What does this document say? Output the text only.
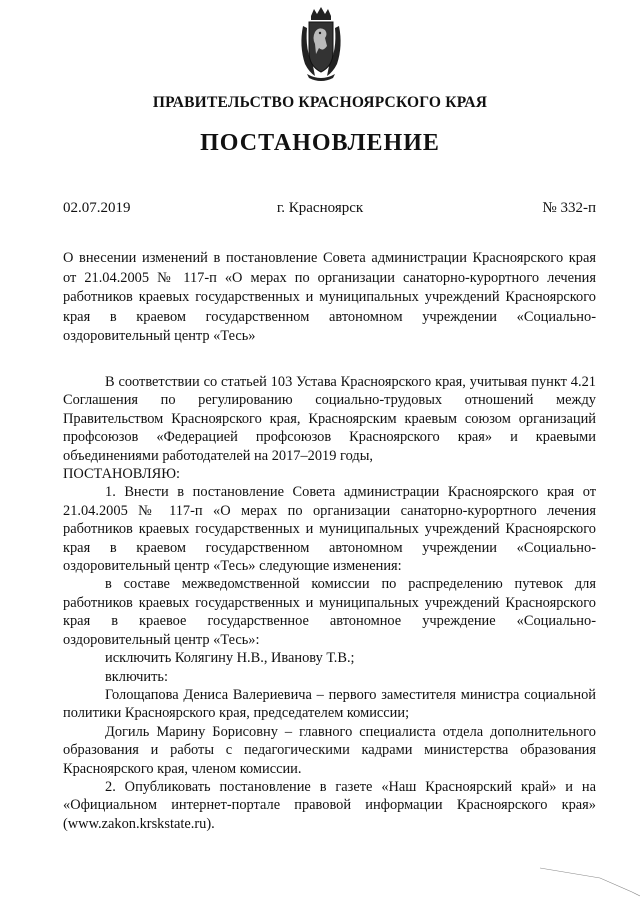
ПРАВИТЕЛЬСТВО КРАСНОЯРСКОГО КРАЯ
ПОСТАНОВЛЕНИЕ
02.07.2019	г. Красноярск	№ 332-п
О внесении изменений в постановление Совета администрации Красноярского края от 21.04.2005 № 117-п «О мерах по организации санаторно-курортного лечения работников краевых государственных и муниципальных учреждений Красноярского края в краевом государственном автономном учреждении «Социально-оздоровительный центр «Тесь»

В соответствии со статьей 103 Устава Красноярского края, учитывая пункт 4.21 Соглашения по регулированию социально-трудовых отношений между Правительством Красноярского края, Красноярским краевым союзом организаций профсоюзов «Федерацией профсоюзов Красноярского края» и краевыми объединениями работодателей на 2017–2019 годы,

ПОСТАНОВЛЯЮ:

1. Внести в постановление Совета администрации Красноярского края от 21.04.2005 № 117-п «О мерах по организации санаторно-курортного лечения работников краевых государственных и муниципальных учреждений Красноярского края в краевом государственном автономном учреждении «Социально-оздоровительный центр «Тесь» следующие изменения:

в составе межведомственной комиссии по распределению путевок для работников краевых государственных и муниципальных учреждений Красноярского края в краевое государственное автономное учреждение «Социально-оздоровительный центр «Тесь»:

исключить Колягину Н.В., Иванову Т.В.;

включить:

Голощапова Дениса Валериевича – первого заместителя министра социальной политики Красноярского края, председателем комиссии;

Догиль Марину Борисовну – главного специалиста отдела дополнительного образования и работы с педагогическими кадрами министерства образования Красноярского края, членом комиссии.

2. Опубликовать постановление в газете «Наш Красноярский край» и на «Официальном интернет-портале правовой информации Красноярского края» (www.zakon.krskstate.ru).
